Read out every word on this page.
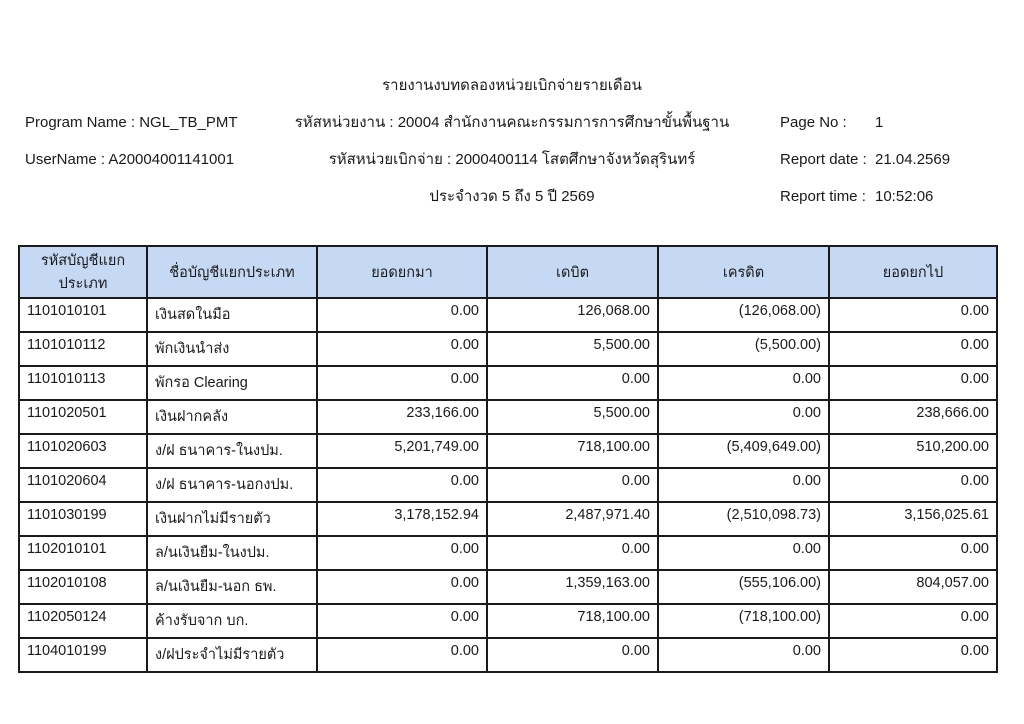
รายงานงบทดลองหน่วยเบิกจ่ายรายเดือน
Program Name : NGL_TB_PMT	รหัสหน่วยงาน : 20004 สำนักงานคณะกรรมการการศึกษาขั้นพื้นฐาน	Page No : 1
UserName : A20004001141001	รหัสหน่วยเบิกจ่าย : 2000400114 โสตศึกษาจังหวัดสุรินทร์	Report date : 21.04.2569
ประจำงวด 5 ถึง 5 ปี 2569	Report time : 10:52:06
รหัสบัญชีแยกประเภท	ชื่อบัญชีแยกประเภท	ยอดยกมา	เดบิต	เครดิต	ยอดยกไป
1101010101	เงินสดในมือ	0.00	126,068.00	(126,068.00)	0.00
1101010112	พักเงินนำส่ง	0.00	5,500.00	(5,500.00)	0.00
1101010113	พักรอ Clearing	0.00	0.00	0.00	0.00
1101020501	เงินฝากคลัง	233,166.00	5,500.00	0.00	238,666.00
1101020603	ง/ฝ ธนาคาร-ในงปม.	5,201,749.00	718,100.00	(5,409,649.00)	510,200.00
1101020604	ง/ฝ ธนาคาร-นอกงปม.	0.00	0.00	0.00	0.00
1101030199	เงินฝากไม่มีรายตัว	3,178,152.94	2,487,971.40	(2,510,098.73)	3,156,025.61
1102010101	ล/นเงินยืม-ในงปม.	0.00	0.00	0.00	0.00
1102010108	ล/นเงินยืม-นอก ธพ.	0.00	1,359,163.00	(555,106.00)	804,057.00
1102050124	ค้างรับจาก บก.	0.00	718,100.00	(718,100.00)	0.00
1104010199	ง/ฝประจำไม่มีรายตัว	0.00	0.00	0.00	0.00
